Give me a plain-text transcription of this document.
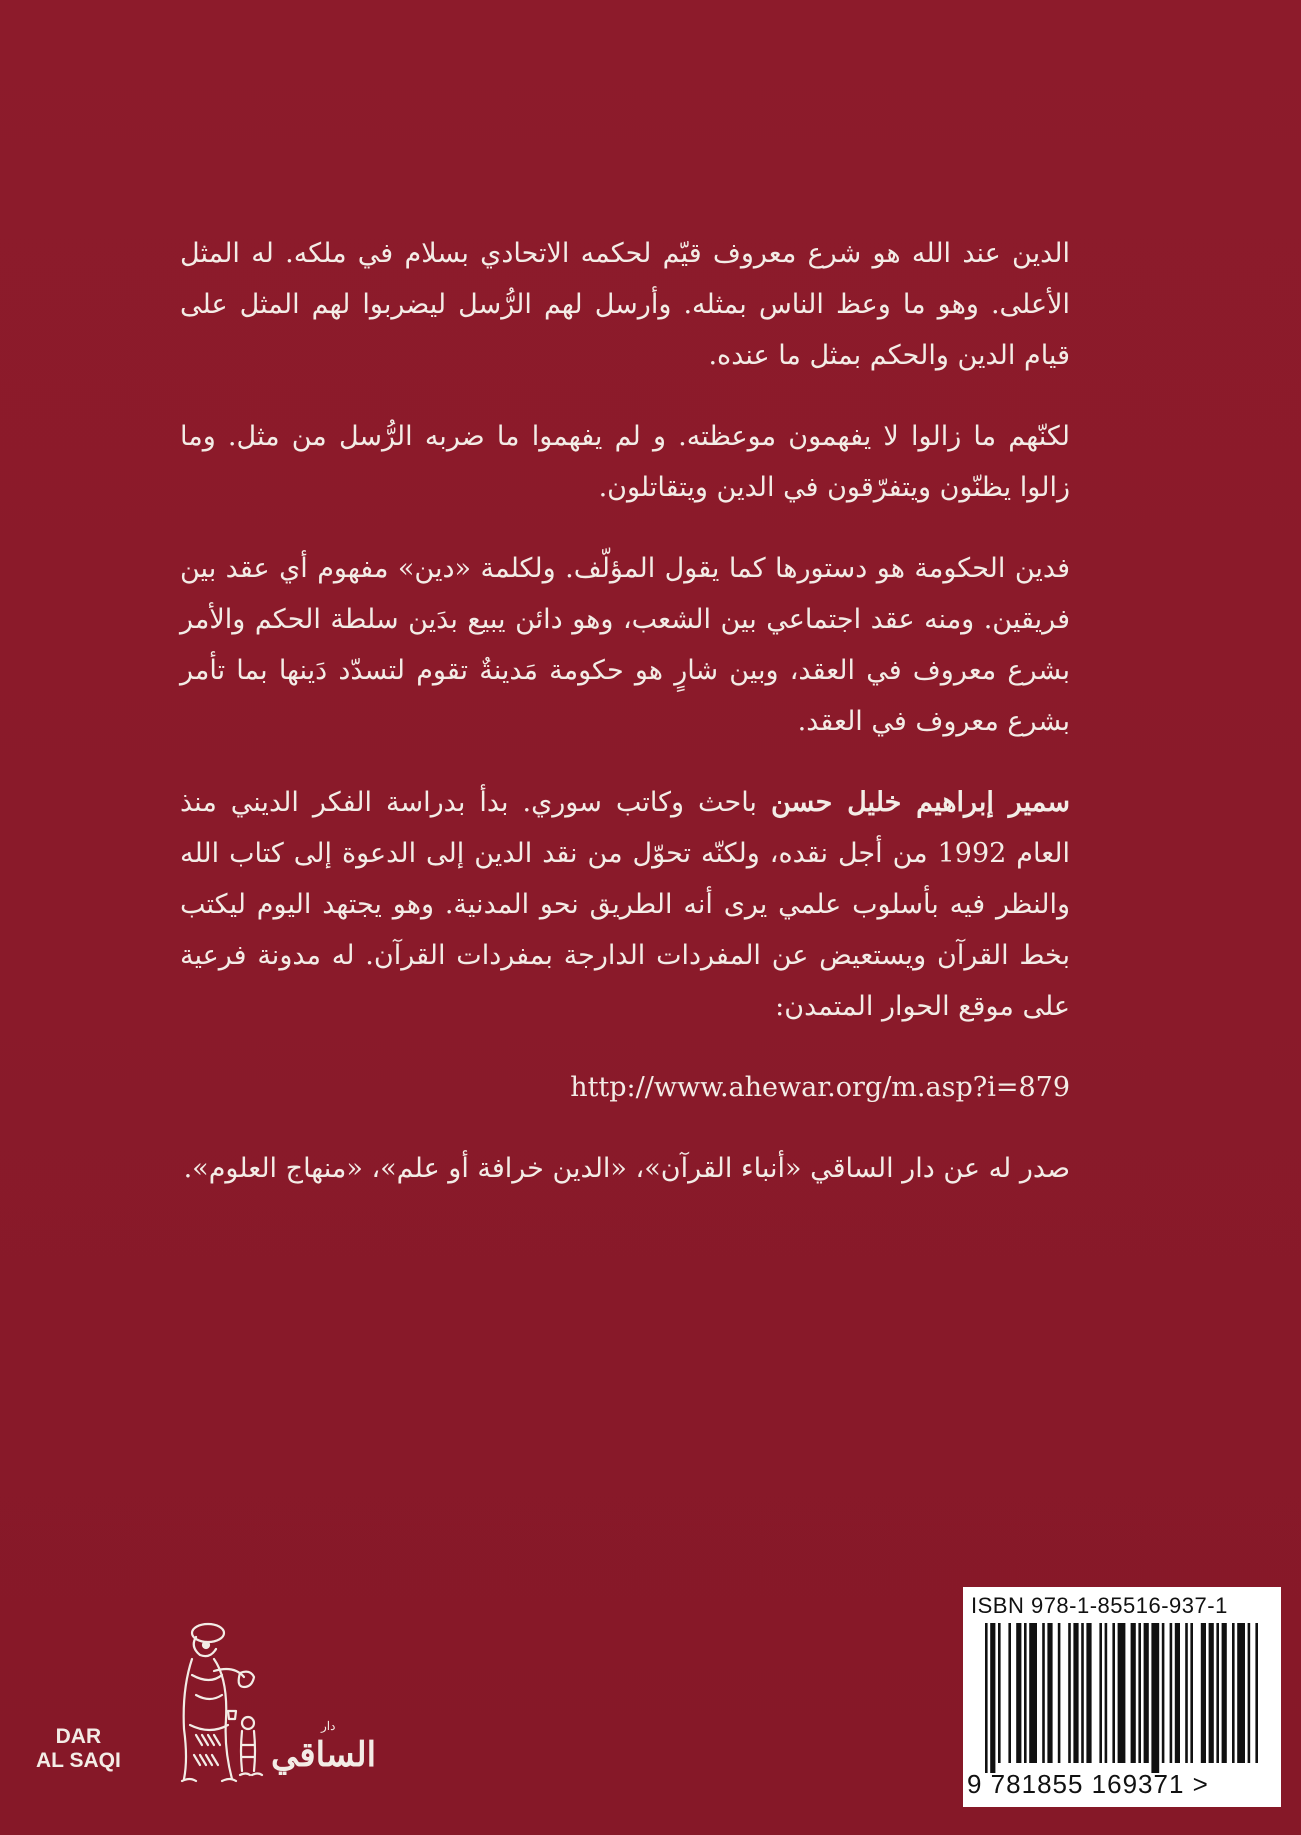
الدين عند الله هو شرع معروف قيّم لحكمه الاتحادي بسلام في ملكه. له المثل الأعلى. وهو ما وعظ الناس بمثله. وأرسل لهم الرُّسل ليضربوا لهم المثل على قيام الدين والحكم بمثل ما عنده.

لكنّهم ما زالوا لا يفهمون موعظته. و لم يفهموا ما ضربه الرُّسل من مثل. وما زالوا يظنّون ويتفرّقون في الدين ويتقاتلون.

فدين الحكومة هو دستورها كما يقول المؤلّف. ولكلمة «دين» مفهوم أي عقد بين فريقين. ومنه عقد اجتماعي بين الشعب، وهو دائن يبيع بدَين سلطة الحكم والأمر بشرع معروف في العقد، وبين شارٍ هو حكومة مَدينةٌ تقوم لتسدّد دَينها بما تأمر بشرع معروف في العقد.

سمير إبراهيم خليل حسن باحث وكاتب سوري. بدأ بدراسة الفكر الديني منذ العام 1992 من أجل نقده، ولكنّه تحوّل من نقد الدين إلى الدعوة إلى كتاب الله والنظر فيه بأسلوب علمي يرى أنه الطريق نحو المدنية. وهو يجتهد اليوم ليكتب بخط القرآن ويستعيض عن المفردات الدارجة بمفردات القرآن. له مدونة فرعية على موقع الحوار المتمدن:

http://www.ahewar.org/m.asp?i=879

صدر له عن دار الساقي «أنباء القرآن»، «الدين خرافة أو علم»، «منهاج العلوم».

DAR
AL SAQI
دار
الساقي
ISBN 978-1-85516-937-1
9 781855 169371 >
